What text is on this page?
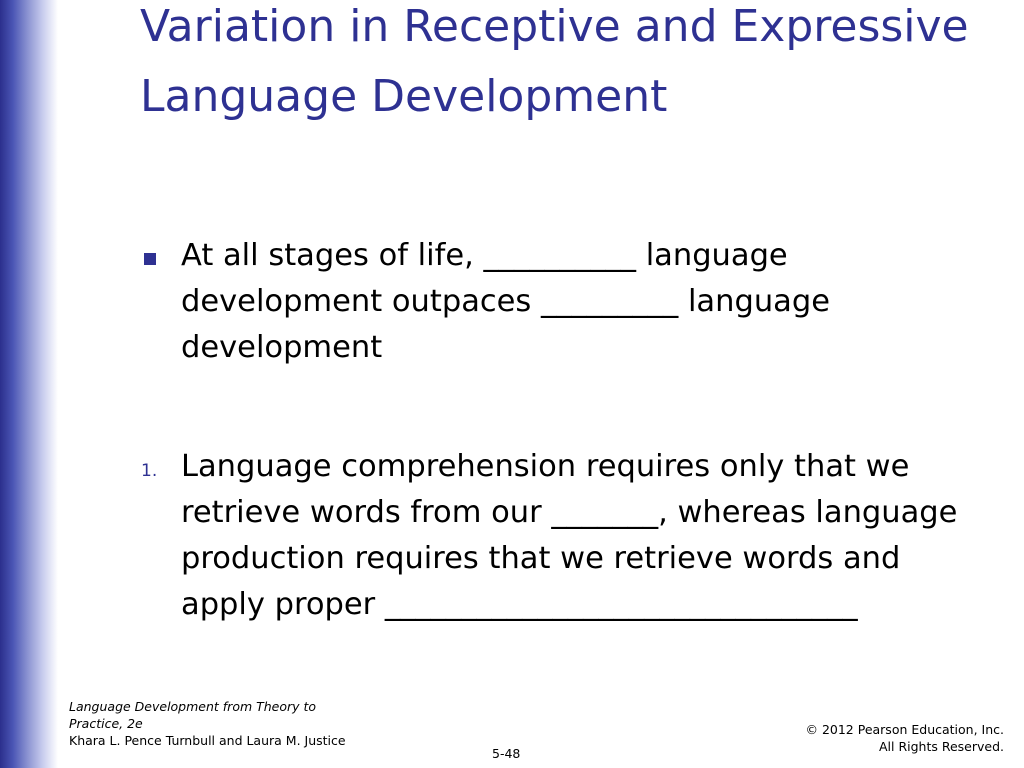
Variation in Receptive and Expressive Language Development

At all stages of life, __________ language development outpaces _________ language development

1. Language comprehension requires only that we retrieve words from our _______, whereas language production requires that we retrieve words and apply proper _______________________________

Language Development from Theory to Practice, 2e
Khara L. Pence Turnbull and Laura M. Justice
5-48
© 2012 Pearson Education, Inc.
All Rights Reserved.
